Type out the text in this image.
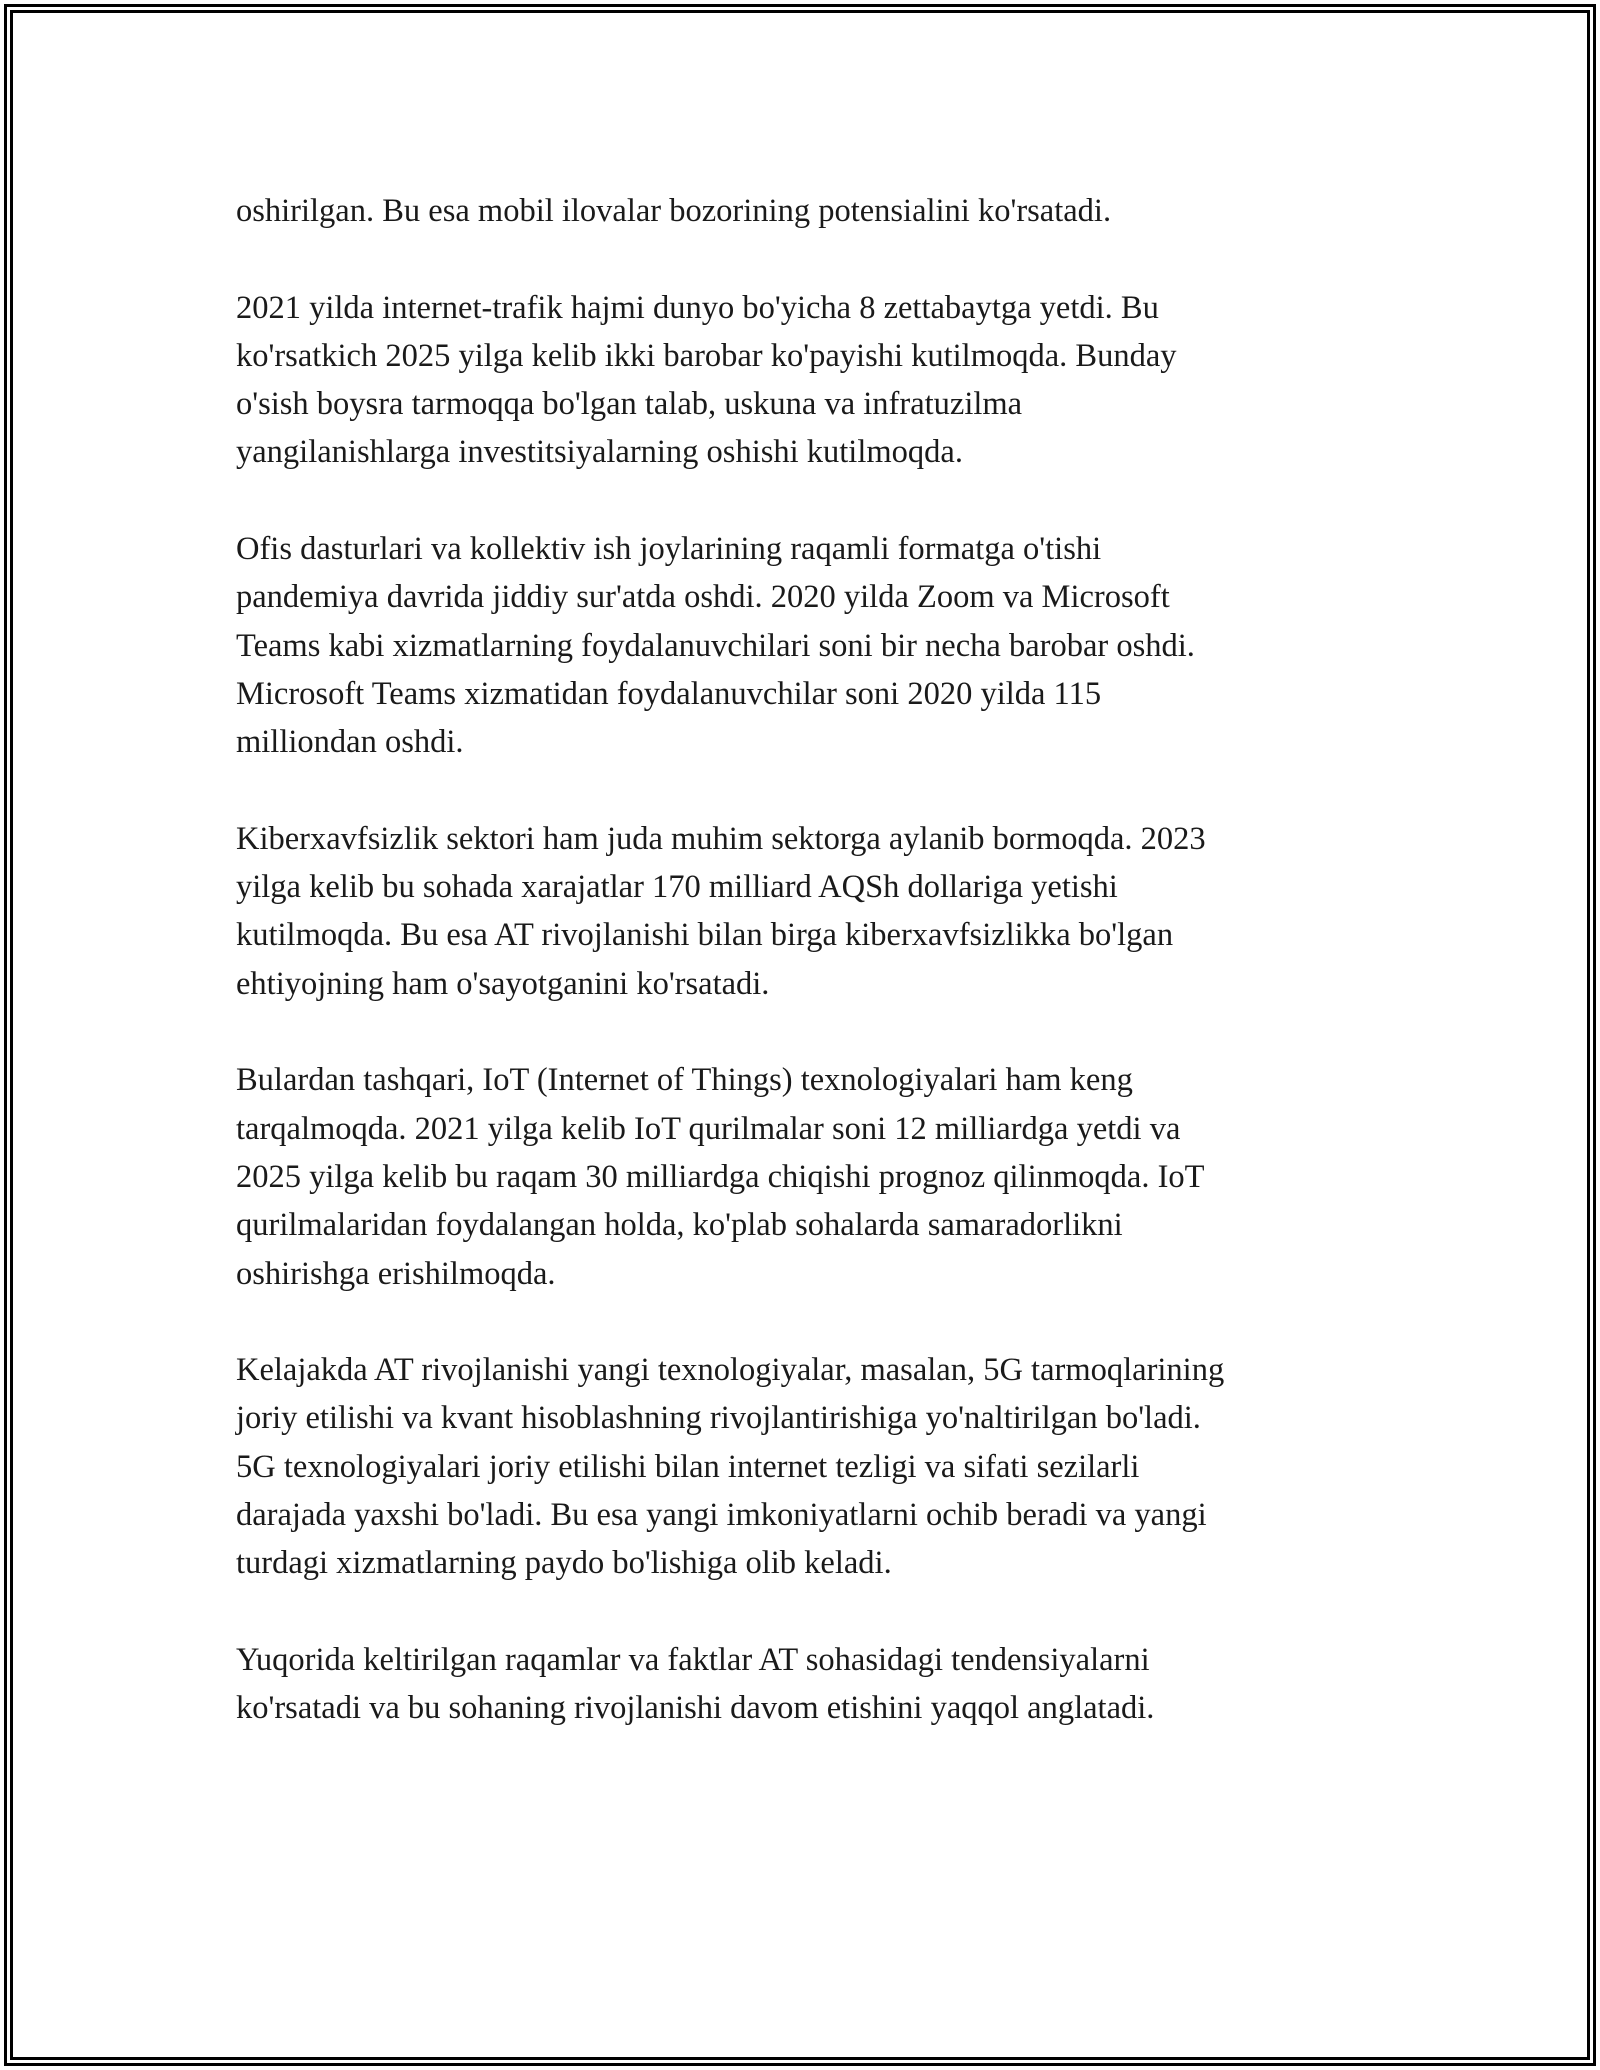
oshirilgan. Bu esa mobil ilovalar bozorining potensialini ko'rsatadi.

2021 yilda internet-trafik hajmi dunyo bo'yicha 8 zettabaytga yetdi. Bu
ko'rsatkich 2025 yilga kelib ikki barobar ko'payishi kutilmoqda. Bunday
o'sish boysra tarmoqqa bo'lgan talab, uskuna va infratuzilma
yangilanishlarga investitsiyalarning oshishi kutilmoqda.

Ofis dasturlari va kollektiv ish joylarining raqamli formatga o'tishi
pandemiya davrida jiddiy sur'atda oshdi. 2020 yilda Zoom va Microsoft
Teams kabi xizmatlarning foydalanuvchilari soni bir necha barobar oshdi.
Microsoft Teams xizmatidan foydalanuvchilar soni 2020 yilda 115
milliondan oshdi.

Kiberxavfsizlik sektori ham juda muhim sektorga aylanib bormoqda. 2023
yilga kelib bu sohada xarajatlar 170 milliard AQSh dollariga yetishi
kutilmoqda. Bu esa AT rivojlanishi bilan birga kiberxavfsizlikka bo'lgan
ehtiyojning ham o'sayotganini ko'rsatadi.

Bulardan tashqari, IoT (Internet of Things) texnologiyalari ham keng
tarqalmoqda. 2021 yilga kelib IoT qurilmalar soni 12 milliardga yetdi va
2025 yilga kelib bu raqam 30 milliardga chiqishi prognoz qilinmoqda. IoT
qurilmalaridan foydalangan holda, ko'plab sohalarda samaradorlikni
oshirishga erishilmoqda.

Kelajakda AT rivojlanishi yangi texnologiyalar, masalan, 5G tarmoqlarining
joriy etilishi va kvant hisoblashning rivojlantirishiga yo'naltirilgan bo'ladi.
5G texnologiyalari joriy etilishi bilan internet tezligi va sifati sezilarli
darajada yaxshi bo'ladi. Bu esa yangi imkoniyatlarni ochib beradi va yangi
turdagi xizmatlarning paydo bo'lishiga olib keladi.

Yuqorida keltirilgan raqamlar va faktlar AT sohasidagi tendensiyalarni
ko'rsatadi va bu sohaning rivojlanishi davom etishini yaqqol anglatadi.
